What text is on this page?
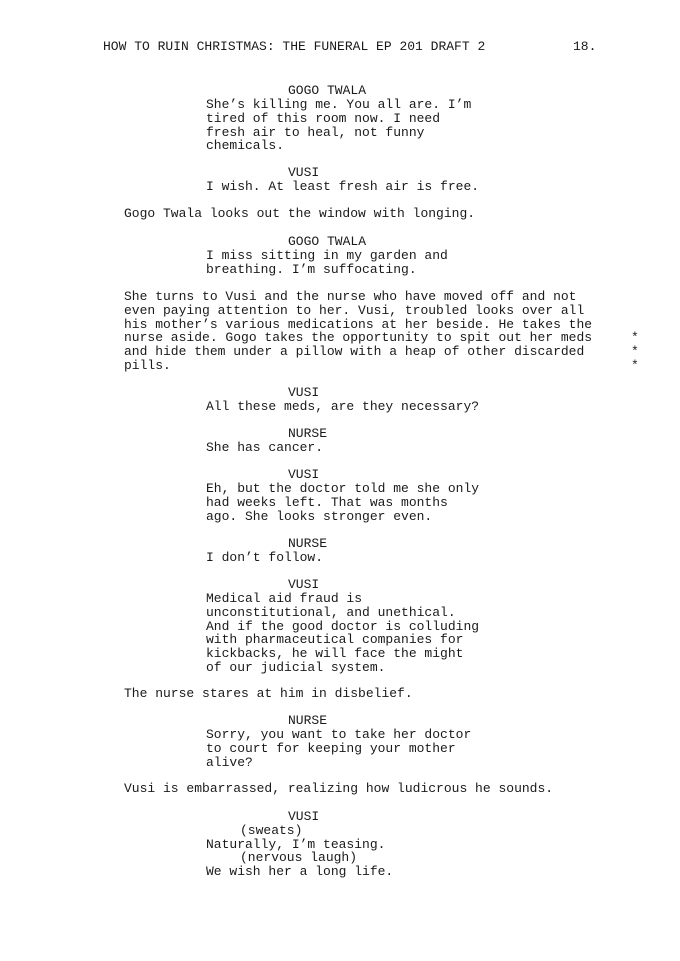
HOW TO RUIN CHRISTMAS: THE FUNERAL EP 201 DRAFT 2	18.
GOGO TWALA
She’s killing me. You all are. I’m
tired of this room now. I need
fresh air to heal, not funny
chemicals.
VUSI
I wish. At least fresh air is free.
Gogo Twala looks out the window with longing.
GOGO TWALA
I miss sitting in my garden and
breathing. I’m suffocating.
She turns to Vusi and the nurse who have moved off and not
even paying attention to her. Vusi, troubled looks over all
his mother’s various medications at her beside. He takes the
nurse aside. Gogo takes the opportunity to spit out her meds
and hide them under a pillow with a heap of other discarded
pills.
*
*
*
VUSI
All these meds, are they necessary?
NURSE
She has cancer.
VUSI
Eh, but the doctor told me she only
had weeks left. That was months
ago. She looks stronger even.
NURSE
I don’t follow.
VUSI
Medical aid fraud is
unconstitutional, and unethical.
And if the good doctor is colluding
with pharmaceutical companies for
kickbacks, he will face the might
of our judicial system.
The nurse stares at him in disbelief.
NURSE
Sorry, you want to take her doctor
to court for keeping your mother
alive?
Vusi is embarrassed, realizing how ludicrous he sounds.
VUSI
(sweats)
Naturally, I’m teasing.
(nervous laugh)
We wish her a long life.
